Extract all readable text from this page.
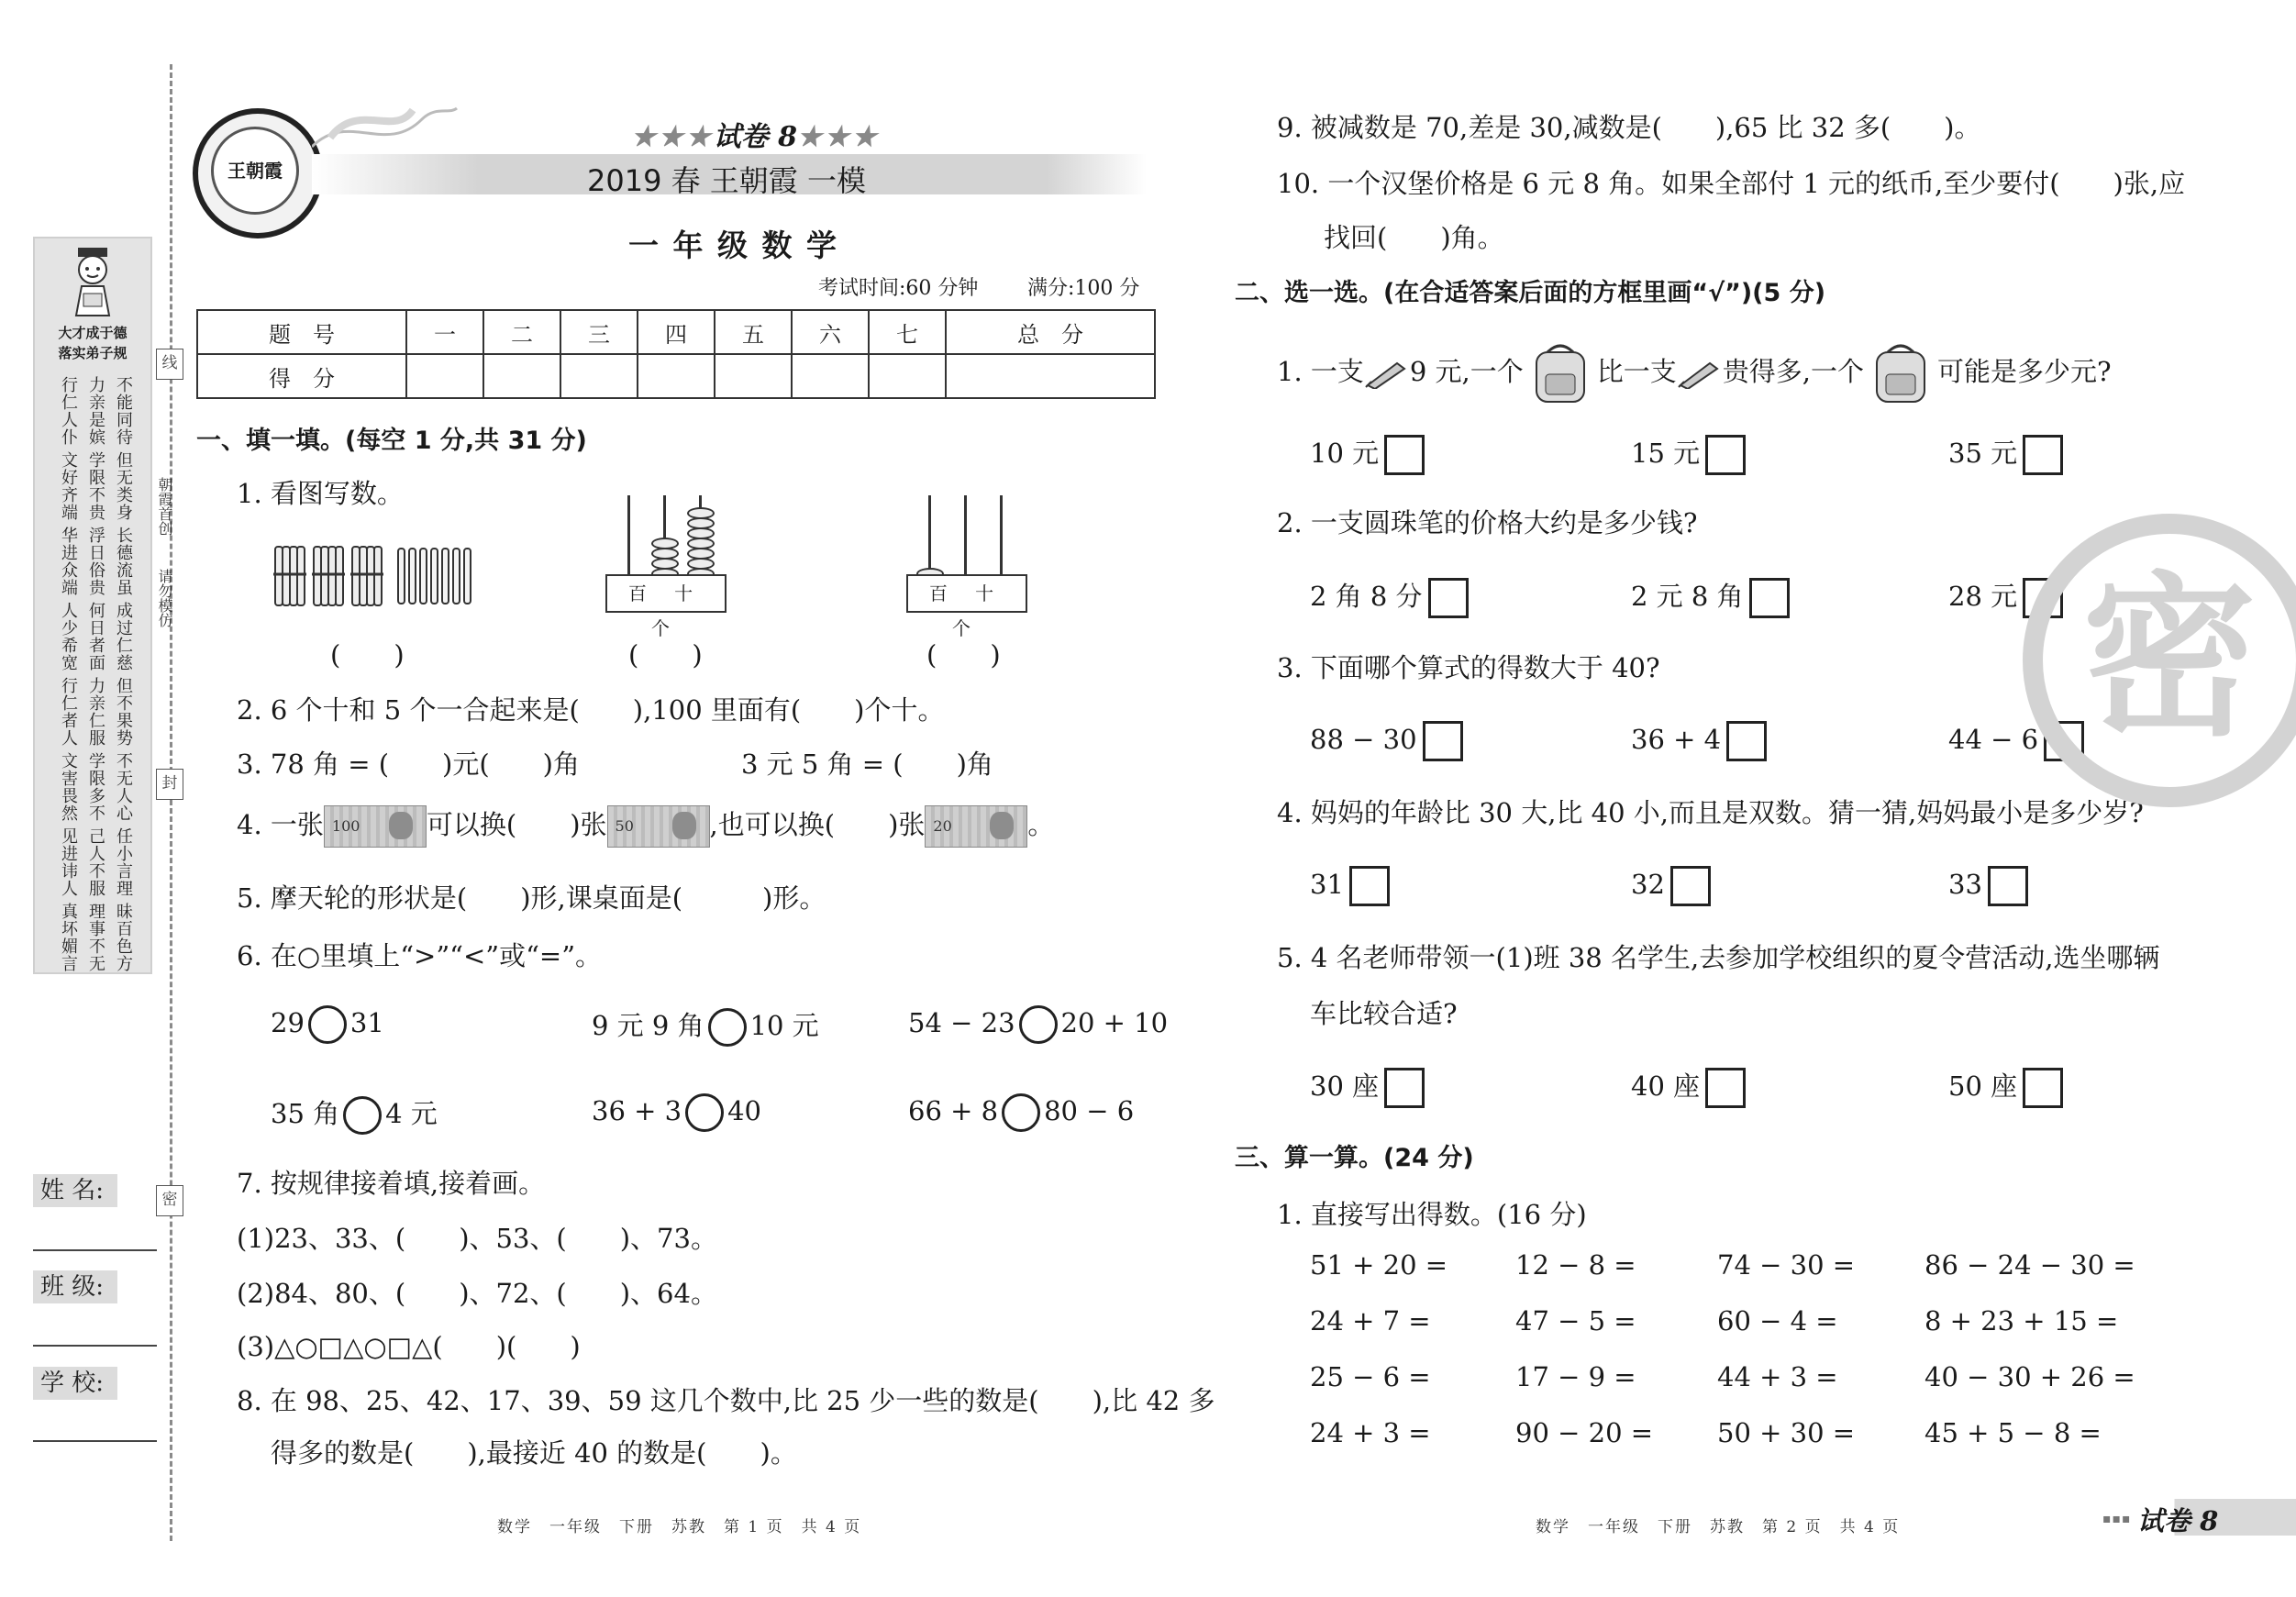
大才成于德
落实弟子规
不能同待
力亲是嫔
行仁人仆
但无类身
学限不贵
文好齐端
长德流虽
浮日俗贵
华进众端
成过仁慈
何日者面
人少希宽
但不果势
力亲仁服
行仁者人
不无人心
学限多不
文害畏然
任小言理
己人不服
见进讳人
昧百色方
理事不无
真坏媚言
线
封
密
朝霞首创
请勿模仿
姓 名:
班 级:
学 校:
王朝霞
★★★试卷 8★★★
2019 春 王朝霞 一模
一 年 级 数 学
考试时间:60 分钟 满分:100 分
题　号	一	二	三	四	五	六	七	总　分
得　分								
一、填一填。(每空 1 分,共 31 分)
1. 看图写数。
百 十 个
百 十 个
(　　)	(　　)	(　　)
2. 6 个十和 5 个一合起来是(　　),100 里面有(　　)个十。
3. 78 角 = (　　)元(　　)角	3 元 5 角 = (　　)角
4. 一张 100 可以换(　　)张 50	,也可以换(　　)张 20	。
5. 摩天轮的形状是(　　)形,课桌面是(　　　)形。
6. 在○里填上“>”“<”或“=”。
29 31	9 元 9 角 10 元	54 − 23 20 + 10
35 角 4 元	36 + 3 40	66 + 8 80 − 6
7. 按规律接着填,接着画。
(1)23、33、(　　)、53、(　　)、73。
(2)84、80、(　　)、72、(　　)、64。
(3)△○□△○□△(　　)(　　)
8. 在 98、25、42、17、39、59 这几个数中,比 25 少一些的数是(　　),比 42 多
得多的数是(　　),最接近 40 的数是(　　)。
数学　一年级　下册　苏教　第 1 页　共 4 页
9. 被减数是 70,差是 30,减数是(　　),65 比 32 多(　　)。
10. 一个汉堡价格是 6 元 8 角。如果全部付 1 元的纸币,至少要付(　　)张,应
找回(　　)角。
二、选一选。(在合适答案后面的方框里画“√”)(5 分)
1. 一支 9 元,一个	比一支 贵得多,一个	可能是多少元?
10 元	15 元	35 元
2. 一支圆珠笔的价格大约是多少钱?
2 角 8 分	2 元 8 角	28 元
3. 下面哪个算式的得数大于 40?
88 − 30	36 + 4	44 − 6
4. 妈妈的年龄比 30 大,比 40 小,而且是双数。猜一猜,妈妈最小是多少岁?
31	32	33
5. 4 名老师带领一(1)班 38 名学生,去参加学校组织的夏令营活动,选坐哪辆
车比较合适?
30 座	40 座	50 座
三、算一算。(24 分)
1. 直接写出得数。(16 分)
51 + 20 =	12 − 8 =	74 − 30 =	86 − 24 − 30 =
24 + 7 =	47 − 5 =	60 − 4 =	8 + 23 + 15 =
25 − 6 =	17 − 9 =	44 + 3 =	40 − 30 + 26 =
24 + 3 =	90 − 20 = 50 + 30 =	45 + 5 − 8 =
密
数学　一年级　下册　苏教　第 2 页　共 4 页	▪▪▪ 试卷 8
